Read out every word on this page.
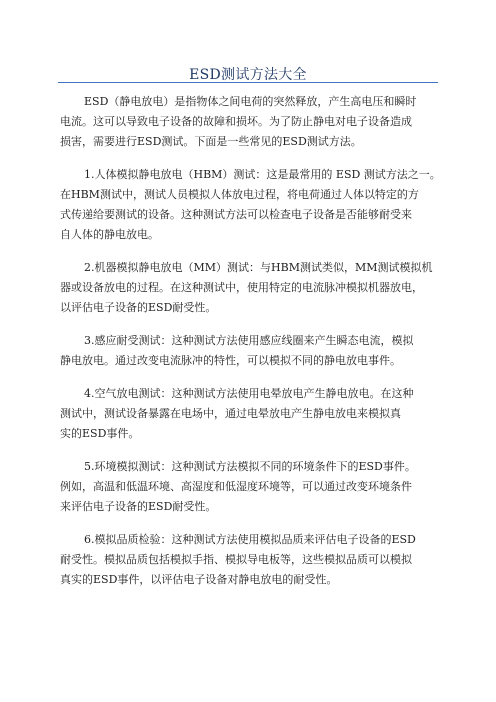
ESD测试方法大全
ESD（静电放电）是指物体之间电荷的突然释放，产生高电压和瞬时
电流。这可以导致电子设备的故障和损坏。为了防止静电对电子设备造成
损害，需要进行ESD测试。下面是一些常见的ESD测试方法。
1.人体模拟静电放电（HBM）测试：这是最常用的 ESD 测试方法之一。
在HBM测试中，测试人员模拟人体放电过程，将电荷通过人体以特定的方
式传递给要测试的设备。这种测试方法可以检查电子设备是否能够耐受来
自人体的静电放电。
2.机器模拟静电放电（MM）测试：与HBM测试类似，MM测试模拟机
器或设备放电的过程。在这种测试中，使用特定的电流脉冲模拟机器放电，
以评估电子设备的ESD耐受性。
3.感应耐受测试：这种测试方法使用感应线圈来产生瞬态电流，模拟
静电放电。通过改变电流脉冲的特性，可以模拟不同的静电放电事件。
4.空气放电测试：这种测试方法使用电晕放电产生静电放电。在这种
测试中，测试设备暴露在电场中，通过电晕放电产生静电放电来模拟真
实的ESD事件。
5.环境模拟测试：这种测试方法模拟不同的环境条件下的ESD事件。
例如，高温和低温环境、高湿度和低湿度环境等，可以通过改变环境条件
来评估电子设备的ESD耐受性。
6.模拟品质检验：这种测试方法使用模拟品质来评估电子设备的ESD
耐受性。模拟品质包括模拟手指、模拟导电板等，这些模拟品质可以模拟
真实的ESD事件，以评估电子设备对静电放电的耐受性。
